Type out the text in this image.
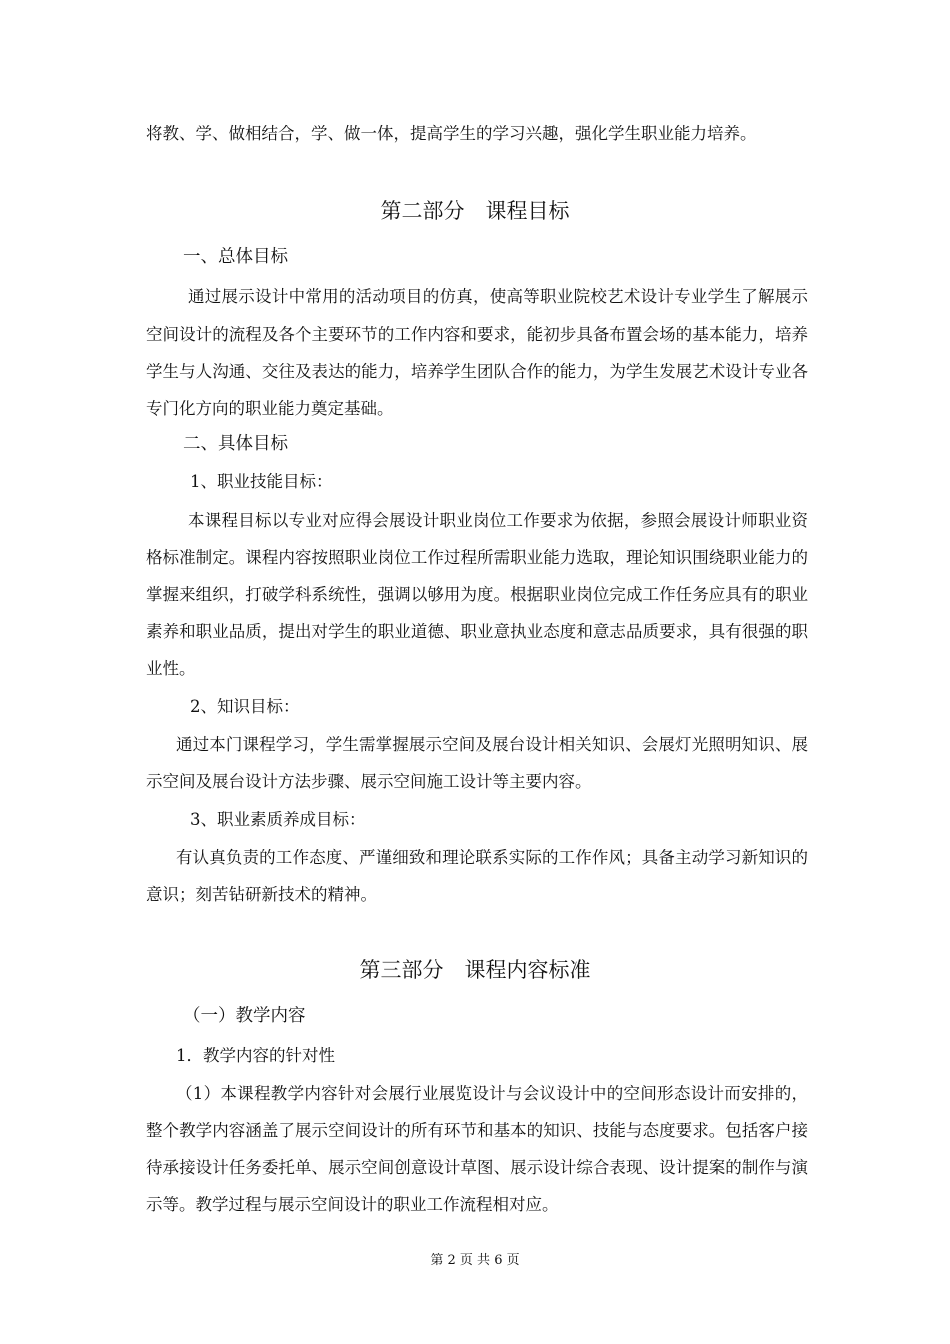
将教、学、做相结合，学、做一体，提高学生的学习兴趣，强化学生职业能力培养。
第二部分　课程目标
一、总体目标
通过展示设计中常用的活动项目的仿真，使高等职业院校艺术设计专业学生了解展示
空间设计的流程及各个主要环节的工作内容和要求，能初步具备布置会场的基本能力，培养
学生与人沟通、交往及表达的能力，培养学生团队合作的能力，为学生发展艺术设计专业各
专门化方向的职业能力奠定基础。
二、具体目标
1、职业技能目标：
本课程目标以专业对应得会展设计职业岗位工作要求为依据，参照会展设计师职业资
格标准制定。课程内容按照职业岗位工作过程所需职业能力选取，理论知识围绕职业能力的
掌握来组织，打破学科系统性，强调以够用为度。根据职业岗位完成工作任务应具有的职业
素养和职业品质，提出对学生的职业道德、职业意执业态度和意志品质要求，具有很强的职
业性。
2、知识目标：
通过本门课程学习，学生需掌握展示空间及展台设计相关知识、会展灯光照明知识、展
示空间及展台设计方法步骤、展示空间施工设计等主要内容。
3、职业素质养成目标：
有认真负责的工作态度、严谨细致和理论联系实际的工作作风；具备主动学习新知识的
意识；刻苦钻研新技术的精神。
第三部分　课程内容标准
（一）教学内容
1．教学内容的针对性
（1）本课程教学内容针对会展行业展览设计与会议设计中的空间形态设计而安排的，
整个教学内容涵盖了展示空间设计的所有环节和基本的知识、技能与态度要求。包括客户接
待承接设计任务委托单、展示空间创意设计草图、展示设计综合表现、设计提案的制作与演
示等。教学过程与展示空间设计的职业工作流程相对应。
第 2 页 共 6 页
